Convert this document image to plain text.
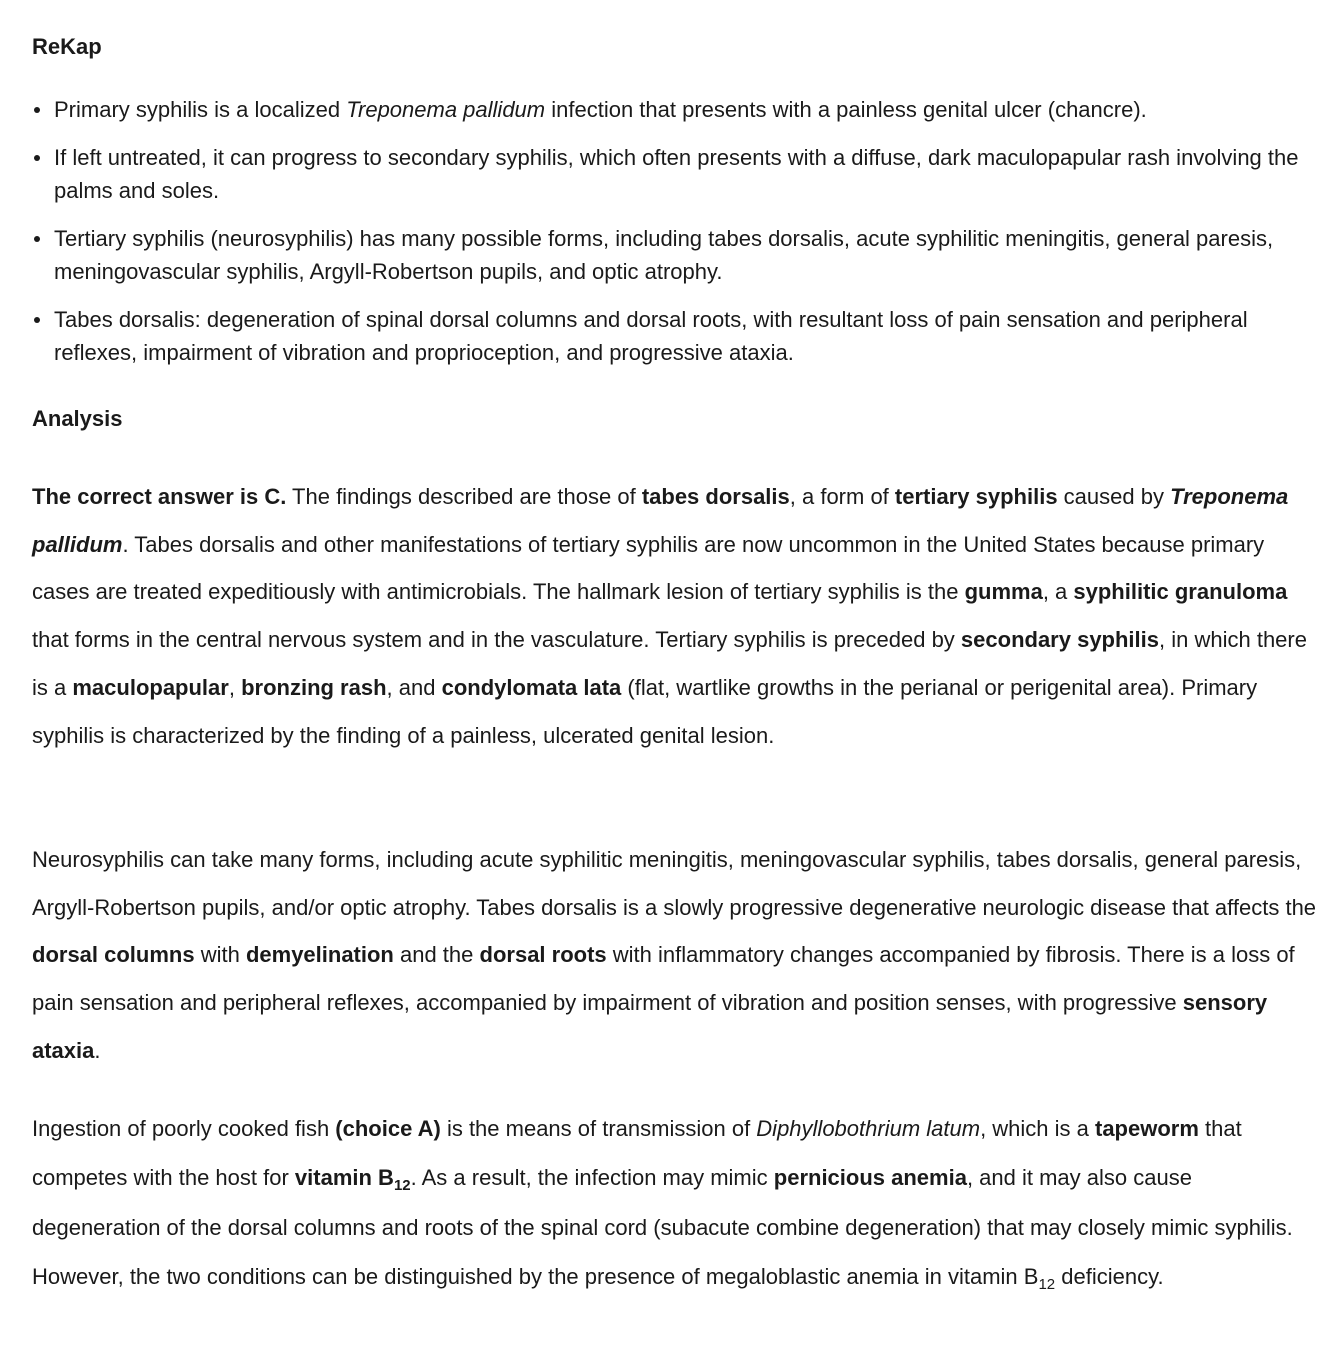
ReKap
Primary syphilis is a localized Treponema pallidum infection that presents with a painless genital ulcer (chancre).
If left untreated, it can progress to secondary syphilis, which often presents with a diffuse, dark maculopapular rash involving the palms and soles.
Tertiary syphilis (neurosyphilis) has many possible forms, including tabes dorsalis, acute syphilitic meningitis, general paresis, meningovascular syphilis, Argyll-Robertson pupils, and optic atrophy.
Tabes dorsalis: degeneration of spinal dorsal columns and dorsal roots, with resultant loss of pain sensation and peripheral reflexes, impairment of vibration and proprioception, and progressive ataxia.
Analysis

The correct answer is C. The findings described are those of tabes dorsalis, a form of tertiary syphilis caused by Treponema pallidum. Tabes dorsalis and other manifestations of tertiary syphilis are now uncommon in the United States because primary cases are treated expeditiously with antimicrobials. The hallmark lesion of tertiary syphilis is the gumma, a syphilitic granuloma that forms in the central nervous system and in the vasculature. Tertiary syphilis is preceded by secondary syphilis, in which there is a maculopapular, bronzing rash, and condylomata lata (flat, wartlike growths in the perianal or perigenital area). Primary syphilis is characterized by the finding of a painless, ulcerated genital lesion.

Neurosyphilis can take many forms, including acute syphilitic meningitis, meningovascular syphilis, tabes dorsalis, general paresis, Argyll-Robertson pupils, and/or optic atrophy. Tabes dorsalis is a slowly progressive degenerative neurologic disease that affects the dorsal columns with demyelination and the dorsal roots with inflammatory changes accompanied by fibrosis. There is a loss of pain sensation and peripheral reflexes, accompanied by impairment of vibration and position senses, with progressive sensory ataxia.

Ingestion of poorly cooked fish (choice A) is the means of transmission of Diphyllobothrium latum, which is a tapeworm that competes with the host for vitamin $B_{12}$. As a result, the infection may mimic pernicious anemia, and it may also cause degeneration of the dorsal columns and roots of the spinal cord (subacute combine degeneration) that may closely mimic syphilis. However, the two conditions can be distinguished by the presence of megaloblastic anemia in vitamin $B_{12}$ deficiency.
